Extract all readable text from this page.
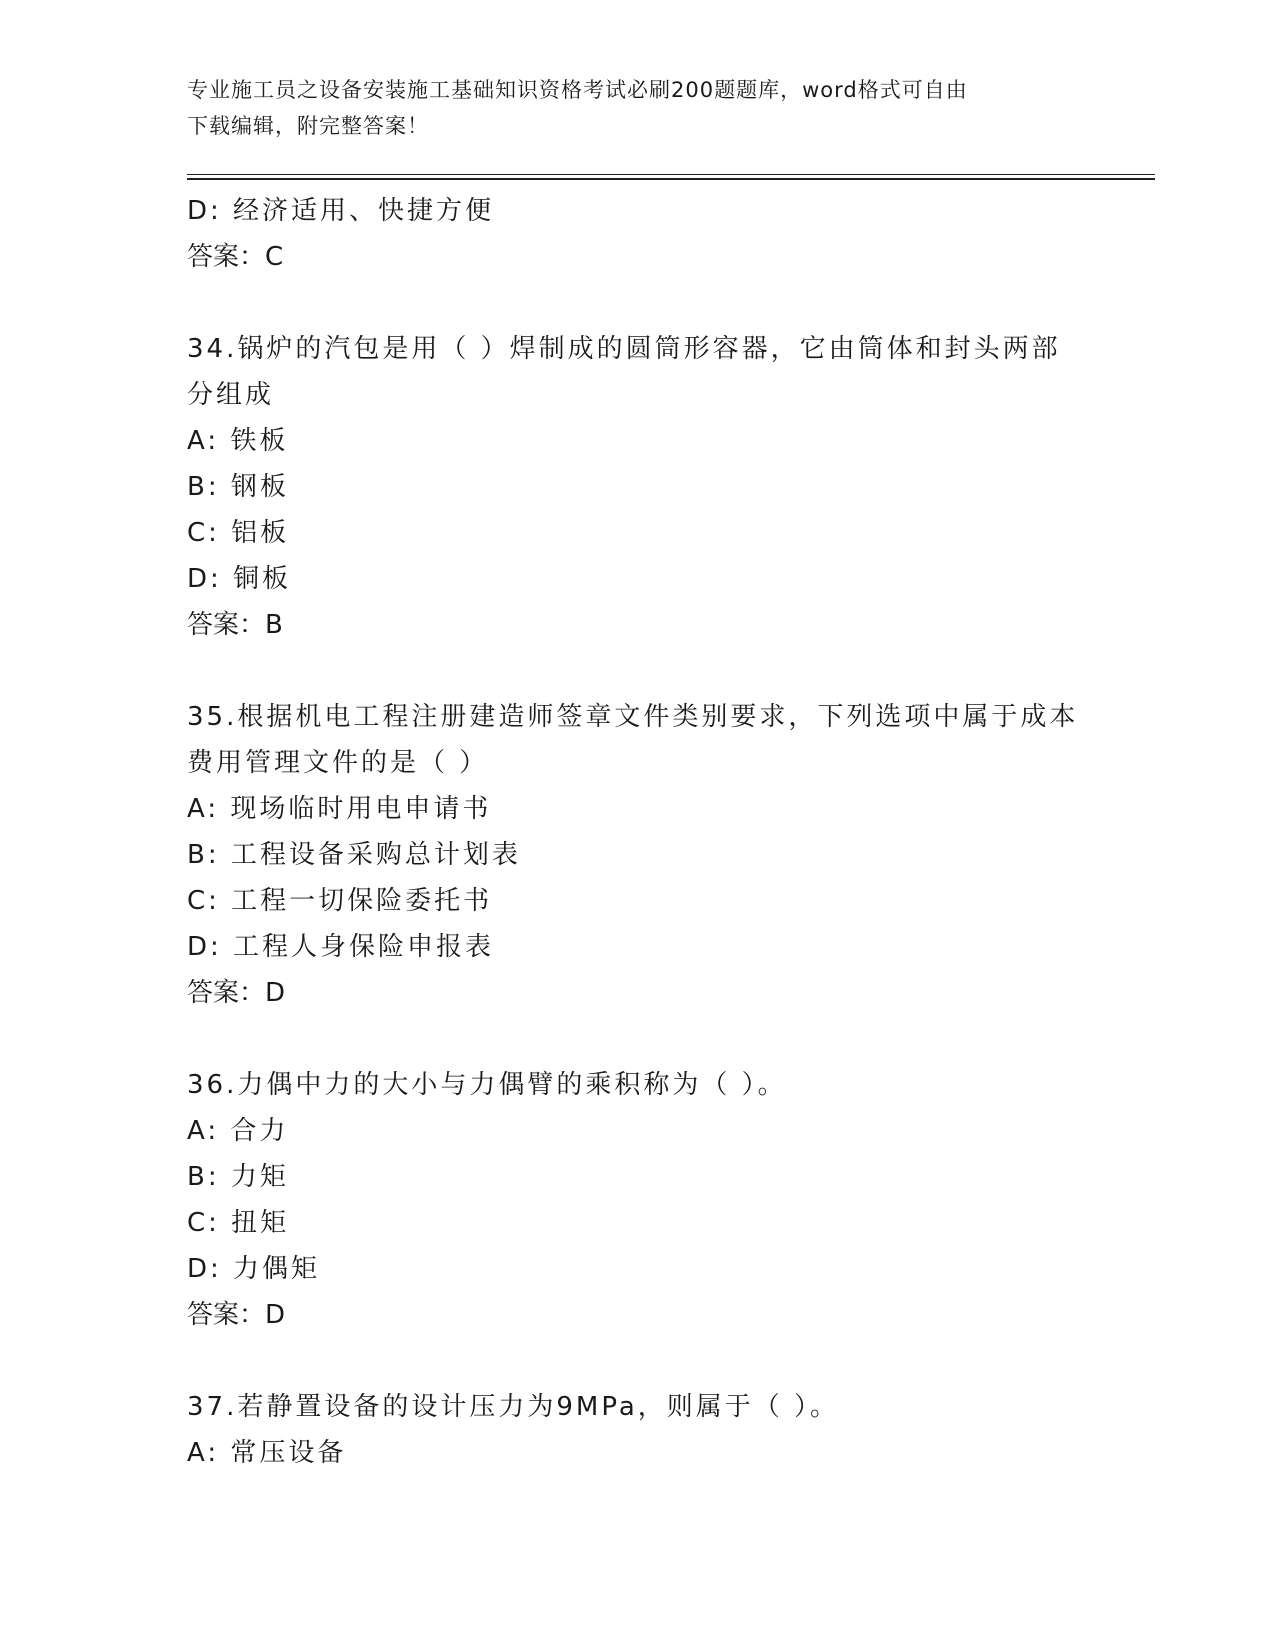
专业施工员之设备安装施工基础知识资格考试必刷200题题库，word格式可自由
下载编辑，附完整答案！
D: 经济适用、快捷方便
答案：C
34.锅炉的汽包是用（ ）焊制成的圆筒形容器，它由筒体和封头两部
分组成
A: 铁板
B: 钢板
C: 铝板
D: 铜板
答案：B
35.根据机电工程注册建造师签章文件类别要求，下列选项中属于成本
费用管理文件的是（ ）
A: 现场临时用电申请书
B: 工程设备采购总计划表
C: 工程一切保险委托书
D: 工程人身保险申报表
答案：D
36.力偶中力的大小与力偶臂的乘积称为（ ）。
A: 合力
B: 力矩
C: 扭矩
D: 力偶矩
答案：D
37.若静置设备的设计压力为9MPa，则属于（ ）。
A: 常压设备
